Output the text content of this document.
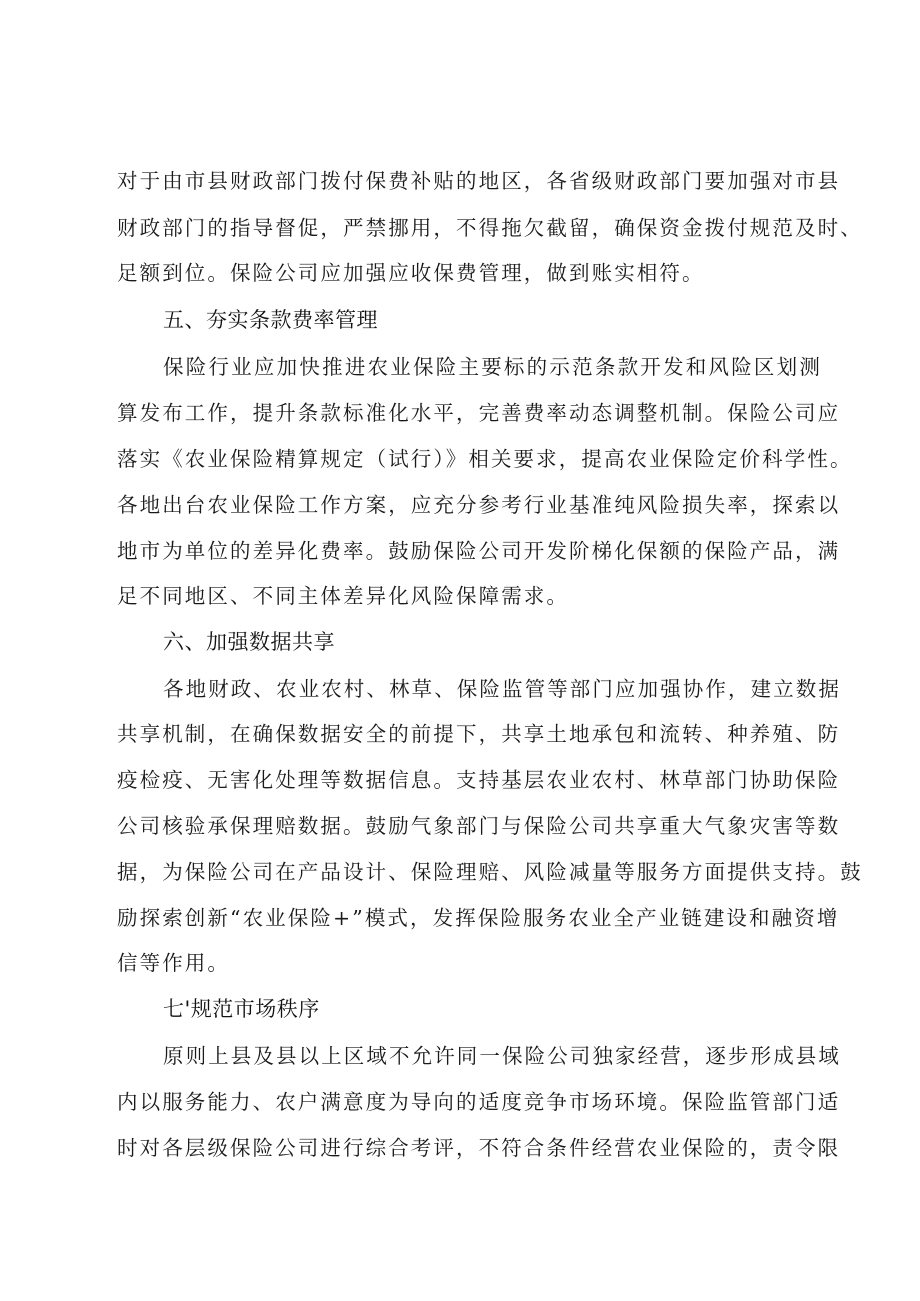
对于由市县财政部门拨付保费补贴的地区，各省级财政部门要加强对市县
财政部门的指导督促，严禁挪用，不得拖欠截留，确保资金拨付规范及时、
足额到位。保险公司应加强应收保费管理，做到账实相符。
五、夯实条款费率管理
保险行业应加快推进农业保险主要标的示范条款开发和风险区划测
算发布工作，提升条款标准化水平，完善费率动态调整机制。保险公司应
落实《农业保险精算规定（试行）》相关要求，提高农业保险定价科学性。
各地出台农业保险工作方案，应充分参考行业基准纯风险损失率，探索以
地市为单位的差异化费率。鼓励保险公司开发阶梯化保额的保险产品，满
足不同地区、不同主体差异化风险保障需求。
六、加强数据共享
各地财政、农业农村、林草、保险监管等部门应加强协作，建立数据
共享机制，在确保数据安全的前提下，共享土地承包和流转、种养殖、防
疫检疫、无害化处理等数据信息。支持基层农业农村、林草部门协助保险
公司核验承保理赔数据。鼓励气象部门与保险公司共享重大气象灾害等数
据，为保险公司在产品设计、保险理赔、风险减量等服务方面提供支持。鼓
励探索创新“农业保险+”模式，发挥保险服务农业全产业链建设和融资增
信等作用。
七'规范市场秩序
原则上县及县以上区域不允许同一保险公司独家经营，逐步形成县域
内以服务能力、农户满意度为导向的适度竞争市场环境。保险监管部门适
时对各层级保险公司进行综合考评，不符合条件经营农业保险的，责令限
